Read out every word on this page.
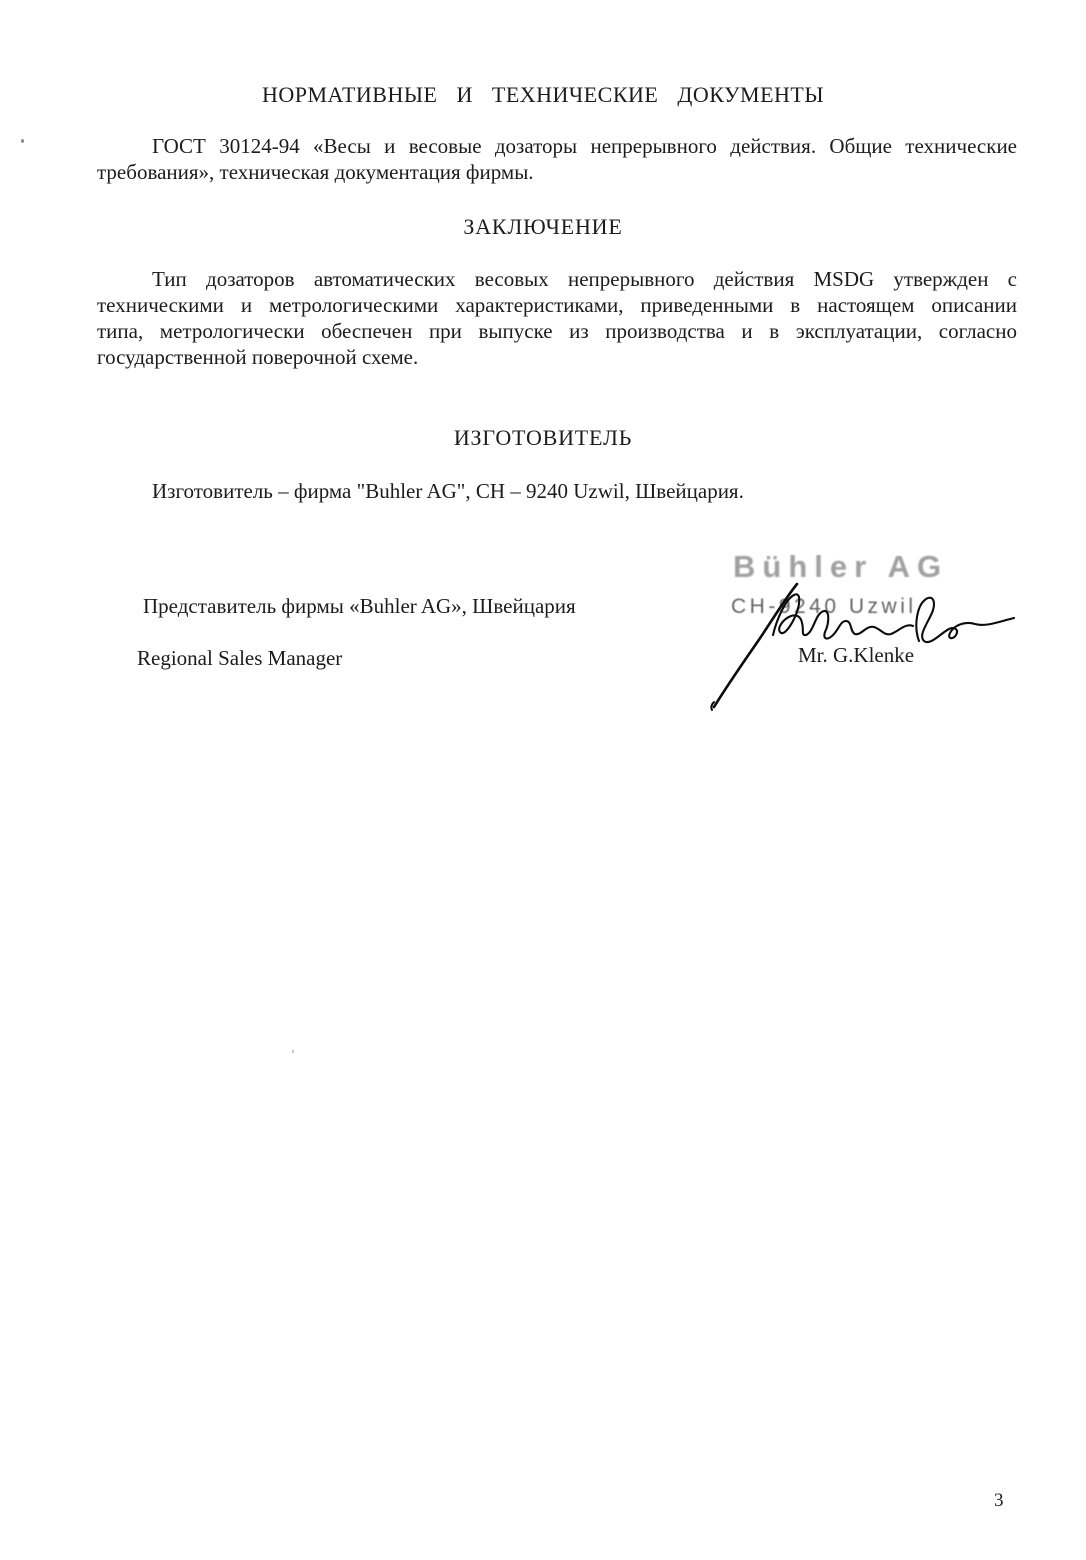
НОРМАТИВНЫЕ И ТЕХНИЧЕСКИЕ ДОКУМЕНТЫ
ГОСТ 30124-94 «Весы и весовые дозаторы непрерывного действия. Общие технические
требования», техническая документация фирмы.
ЗАКЛЮЧЕНИЕ
Тип дозаторов автоматических весовых непрерывного действия MSDG утвержден с
техническими и метрологическими характеристиками, приведенными в настоящем описании
типа, метрологически обеспечен при выпуске из производства и в эксплуатации, согласно
государственной поверочной схеме.
ИЗГОТОВИТЕЛЬ
Изготовитель – фирма "Buhler AG", CH – 9240 Uzwil, Швейцария.
Представитель фирмы «Buhler AG», Швейцария
Regional Sales Manager
Bühler AG
CH-9240 Uzwil
Mr. G.Klenke
3
